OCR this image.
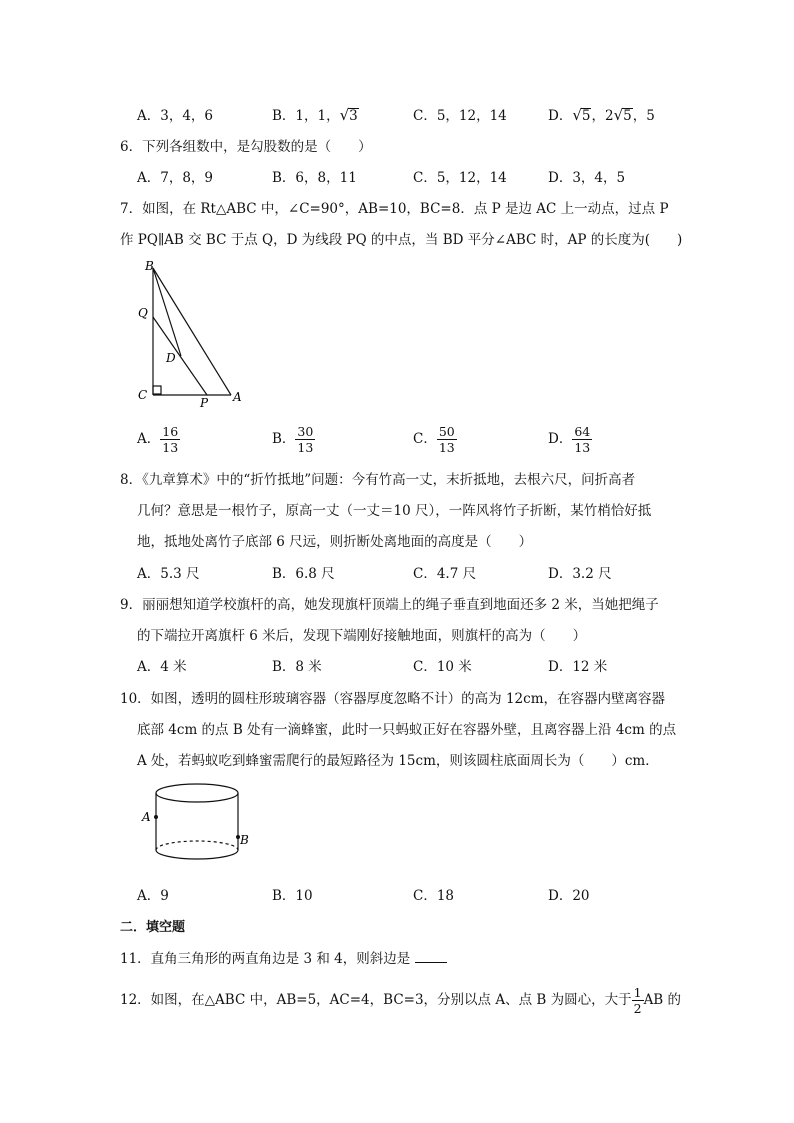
A．3，4，6	B．1，1，√3	C．5，12，14	D．√5，2√5，5
6．下列各组数中，是勾股数的是（　　）
A．7，8，9	B．6，8，11	C．5，12，14	D．3，4，5
7．如图，在 Rt△ABC 中，∠C=90°，AB=10，BC=8．点 P 是边 AC 上一动点，过点 P
作 PQ∥AB 交 BC 于点 Q，D 为线段 PQ 的中点，当 BD 平分∠ABC 时，AP 的长度为(　　)
B
Q
D
C
P A
A． $\frac{16}{13}$	B． $\frac{30}{13}$	C． $\frac{50}{13}$	D． $\frac{64}{13}$
8．《九章算术》中的“折竹抵地”问题：今有竹高一丈，末折抵地，去根六尺，问折高者
几何？意思是一根竹子，原高一丈（一丈＝10 尺），一阵风将竹子折断，某竹梢恰好抵
地，抵地处离竹子底部 6 尺远，则折断处离地面的高度是（　　）
A．5.3 尺	B．6.8 尺	C．4.7 尺	D．3.2 尺
9．丽丽想知道学校旗杆的高，她发现旗杆顶端上的绳子垂直到地面还多 2 米，当她把绳子
的下端拉开离旗杆 6 米后，发现下端刚好接触地面，则旗杆的高为（　　）
A．4 米	B．8 米	C．10 米	D．12 米
10．如图，透明的圆柱形玻璃容器（容器厚度忽略不计）的高为 12cm，在容器内壁离容器
底部 4cm 的点 B 处有一滴蜂蜜，此时一只蚂蚁正好在容器外壁，且离容器上沿 4cm 的点
A 处，若蚂蚁吃到蜂蜜需爬行的最短路径为 15cm，则该圆柱底面周长为（　　）cm．
A
B
A．9	B．10	C．18	D．20
二．填空题
11．直角三角形的两直角边是 3 和 4，则斜边是
12．如图，在△ABC 中，AB=5，AC=4，BC=3，分别以点 A、点 B 为圆心，大于 $\frac{1}{2}$ AB 的
